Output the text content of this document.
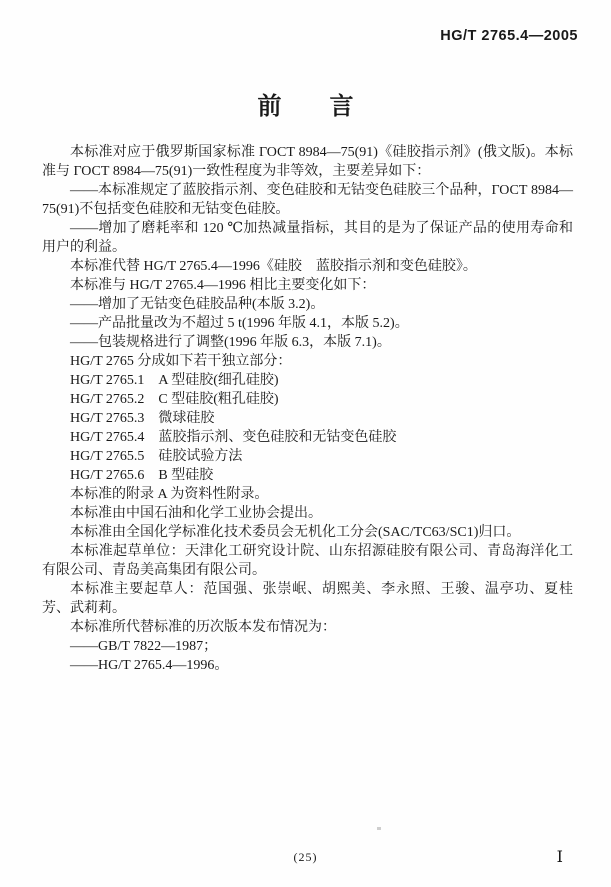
HG/T 2765.4—2005
前　　言

本标准对应于俄罗斯国家标准 ГОСТ 8984—75(91)《硅胶指示剂》(俄文版)。本标准与 ГОСТ 8984—75(91)一致性程度为非等效，主要差异如下：

——本标准规定了蓝胶指示剂、变色硅胶和无钴变色硅胶三个品种，ГОСТ 8984—75(91)不包括变色硅胶和无钴变色硅胶。

——增加了磨耗率和 120 ℃加热减量指标，其目的是为了保证产品的使用寿命和用户的利益。

本标准代替 HG/T 2765.4—1996《硅胶　蓝胶指示剂和变色硅胶》。

本标准与 HG/T 2765.4—1996 相比主要变化如下：

——增加了无钴变色硅胶品种(本版 3.2)。

——产品批量改为不超过 5 t(1996 年版 4.1，本版 5.2)。

——包装规格进行了调整(1996 年版 6.3，本版 7.1)。

HG/T 2765 分成如下若干独立部分：

HG/T 2765.1　A 型硅胶(细孔硅胶)

HG/T 2765.2　C 型硅胶(粗孔硅胶)

HG/T 2765.3　微球硅胶

HG/T 2765.4　蓝胶指示剂、变色硅胶和无钴变色硅胶

HG/T 2765.5　硅胶试验方法

HG/T 2765.6　B 型硅胶

本标准的附录 A 为资料性附录。

本标准由中国石油和化学工业协会提出。

本标准由全国化学标准化技术委员会无机化工分会(SAC/TC63/SC1)归口。

本标准起草单位：天津化工研究设计院、山东招源硅胶有限公司、青岛海洋化工有限公司、青岛美高集团有限公司。

本标准主要起草人：范国强、张崇岷、胡熙美、李永照、王骏、温亭功、夏桂芳、武莉莉。

本标准所代替标准的历次版本发布情况为：

——GB/T 7822—1987；

——HG/T 2765.4—1996。

(25)	Ⅰ
